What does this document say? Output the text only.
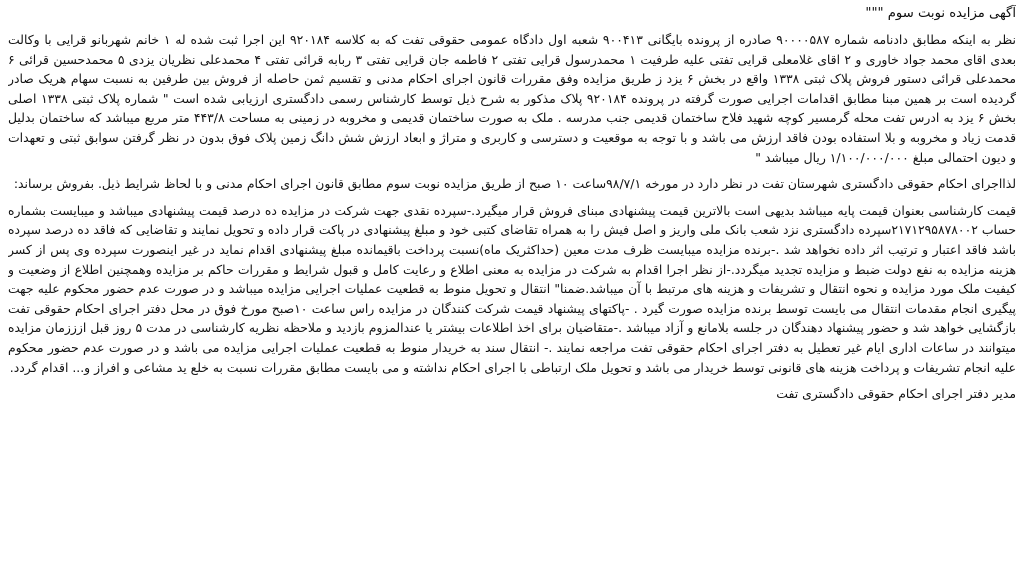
آگهی مزایده نوبت سوم """

نظر به اینکه مطابق دادنامه شماره ۹۰۰۰۰۵۸۷ صادره از پرونده بایگانی ۹۰۰۴۱۳ شعبه اول دادگاه عمومی حقوقی تفت که به کلاسه ۹۲۰۱۸۴ این اجرا ثبت شده له ۱ خانم شهربانو قرایی با وکالت بعدی اقای محمد جواد خاوری و ۲ اقای غلامعلی قرایی تفتی علیه طرفیت ۱ محمدرسول قرایی تفتی ۲ فاطمه جان قرایی تفتی ۳ ربابه قرائی تفتی ۴ محمدعلی نظریان یزدی ۵ محمدحسین قرائی ۶ محمدعلی قرائی دستور فروش پلاک ثبتی ۱۳۳۸ واقع در بخش ۶ یزد ز طریق مزایده وفق مقررات قانون اجرای احکام مدنی و تقسیم ثمن حاصله از فروش بین طرفین به نسبت سهام هریک صادر گردیده است بر همین مبنا مطابق اقدامات اجرایی صورت گرفته در پرونده ۹۲۰۱۸۴ پلاک مذکور به شرح ذیل توسط کارشناس رسمی دادگستری ارزیابی شده است " شماره پلاک ثبتی ۱۳۳۸ اصلی بخش ۶ یزد به ادرس تفت محله گرمسیر کوچه شهید فلاح ساختمان قدیمی جنب مدرسه . ملک به صورت ساختمان قدیمی و مخروبه در زمینی به مساحت ۴۴۳/۸ متر مربع میباشد که ساختمان بدلیل قدمت زیاد و مخروبه و بلا استفاده بودن فاقد ارزش می باشد و با توجه به موقعیت و دسترسی و کاربری و متراژ و ابعاد ارزش شش دانگ زمین پلاک فوق بدون در نظر گرفتن سوابق ثبتی و تعهدات و دیون احتمالی مبلغ ۱/۱۰۰/۰۰۰/۰۰۰ ریال میباشد "

لذااجرای احکام حقوقی دادگستری شهرستان تفت در نظر دارد در مورخه ۹۸/۷/۱ساعت ۱۰ صبح از طریق مزایده نوبت سوم مطابق قانون اجرای احکام مدنی و با لحاظ شرایط ذیل. بفروش برساند:

قیمت کارشناسی بعنوان قیمت پایه میباشد بدیهی است بالاترین قیمت پیشنهادی مبنای فروش قرار میگیرد.-سپرده نقدی جهت شرکت در مزایده ده درصد قیمت پیشنهادی میباشد و میبایست بشماره حساب ۲۱۷۱۲۹۵۸۷۸۰۰۲سپرده دادگستری نزد شعب بانک ملی واریز و اصل فیش را به همراه تقاضای کتبی خود و مبلغ پیشنهادی در پاکت قرار داده و تحویل نمایند و تقاضایی که فاقد ده درصد سپرده باشد فاقد اعتبار و ترتیب اثر داده نخواهد شد .-برنده مزایده میبایست ظرف مدت معین (حداکثریک ماه)نسبت پرداخت باقیمانده مبلغ پیشنهادی اقدام نماید در غیر اینصورت سپرده وی پس از کسر هزینه مزایده به نفع دولت ضبط و مزایده تجدید میگردد.-از نظر اجرا اقدام به شرکت در مزایده به معنی اطلاع و رعایت کامل و قبول شرایط و مقررات حاکم بر مزایده وهمچنین اطلاع از وضعیت و کیفیت ملک مورد مزایده و نحوه انتقال و تشریفات و هزینه های مرتبط با آن میباشد.ضمنا" انتقال و تحویل منوط به قطعیت عملیات اجرایی مزایده میباشد و در صورت عدم حضور محکوم علیه جهت پیگیری انجام مقدمات انتقال می بایست توسط برنده مزایده صورت گیرد . -پاکتهای پیشنهاد قیمت شرکت کنندگان در مزایده راس ساعت ۱۰صبح مورخ فوق در محل دفتر اجرای احکام حقوقی تفت بازگشایی خواهد شد و حضور پیشنهاد دهندگان در جلسه بلامانع و آزاد میباشد .-متقاضیان برای اخذ اطلاعات بیشتر یا عندالمزوم بازدید و ملاحظه نظریه کارشناسی در مدت ۵ روز قبل ازززمان مزایده میتوانند در ساعات اداری ایام غیر تعطیل به دفتر اجرای احکام حقوقی تفت مراجعه نمایند .- انتقال سند به خریدار منوط به قطعیت عملیات اجرایی مزایده می باشد و در صورت عدم حضور محکوم علیه انجام تشریفات و پرداخت هزینه های قانونی توسط خریدار می باشد و تحویل ملک ارتباطی با اجرای احکام نداشته و می بایست مطابق مقررات نسبت به خلع ید مشاعی و افراز و... اقدام گردد.

مدیر دفتر اجرای احکام حقوقی دادگستری تفت
